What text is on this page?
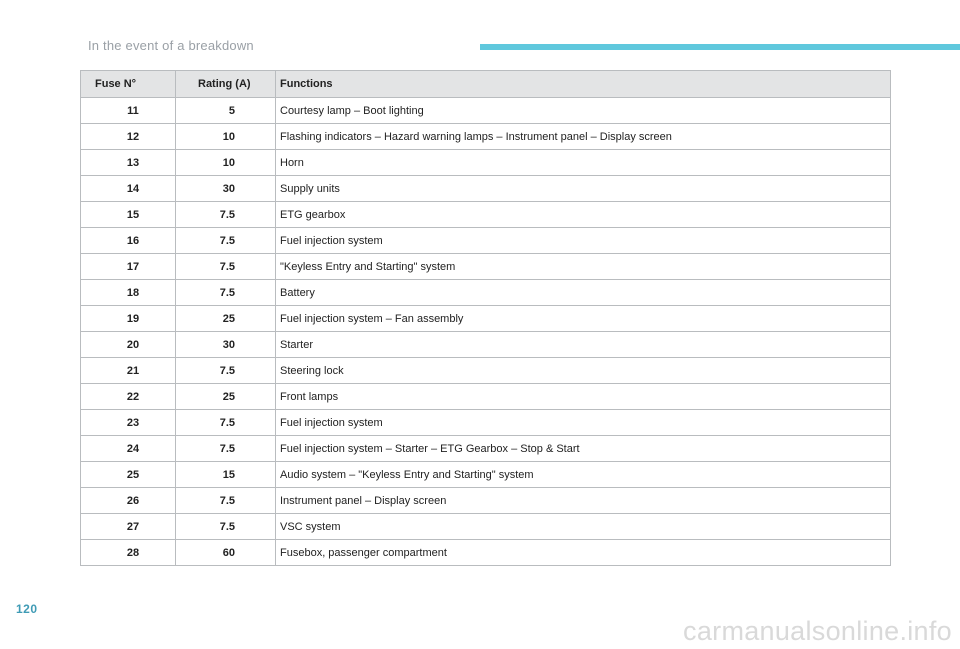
In the event of a breakdown
Fuse N°	Rating (A)	Functions
11	5	Courtesy lamp – Boot lighting
12	10	Flashing indicators – Hazard warning lamps – Instrument panel – Display screen
13	10	Horn
14	30	Supply units
15	7.5	ETG gearbox
16	7.5	Fuel injection system
17	7.5	"Keyless Entry and Starting" system
18	7.5	Battery
19	25	Fuel injection system – Fan assembly
20	30	Starter
21	7.5	Steering lock
22	25	Front lamps
23	7.5	Fuel injection system
24	7.5	Fuel injection system – Starter – ETG Gearbox – Stop & Start
25	15	Audio system – "Keyless Entry and Starting" system
26	7.5	Instrument panel – Display screen
27	7.5	VSC system
28	60	Fusebox, passenger compartment
120
carmanualsonline.info
